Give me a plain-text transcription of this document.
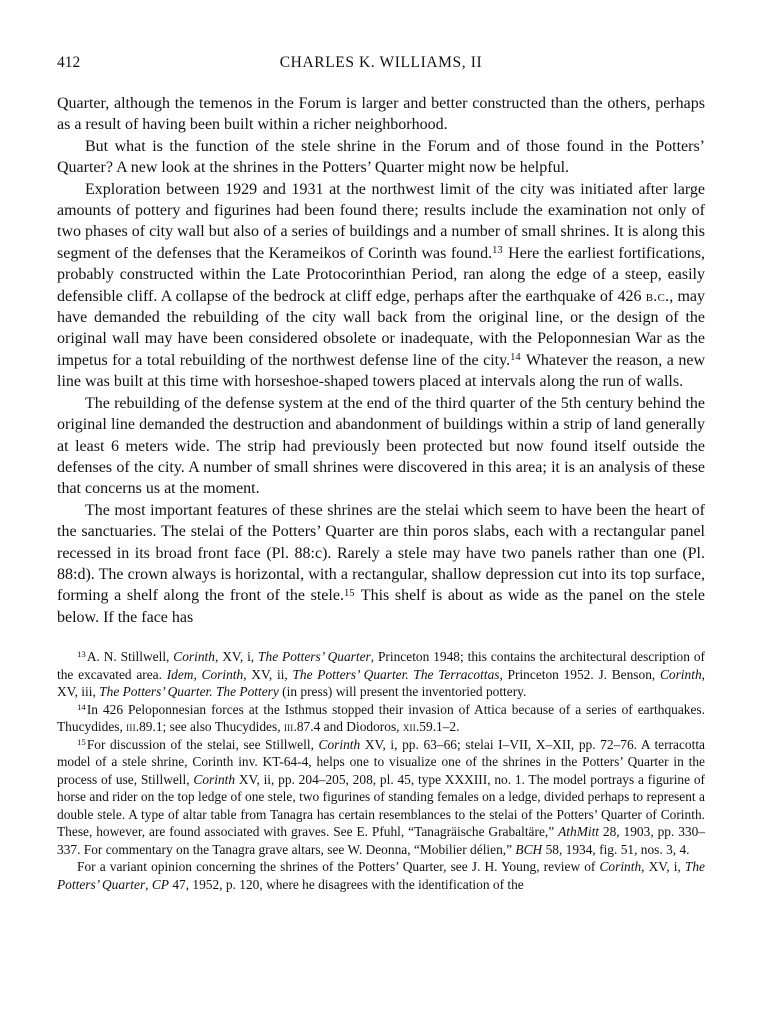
412	CHARLES K. WILLIAMS, II

Quarter, although the temenos in the Forum is larger and better constructed than the others, perhaps as a result of having been built within a richer neighborhood.

But what is the function of the stele shrine in the Forum and of those found in the Potters’ Quarter? A new look at the shrines in the Potters’ Quarter might now be helpful.

Exploration between 1929 and 1931 at the northwest limit of the city was initiated after large amounts of pottery and figurines had been found there; results include the examination not only of two phases of city wall but also of a series of buildings and a number of small shrines. It is along this segment of the defenses that the Kerameikos of Corinth was found.$^{13}$ Here the earliest fortifications, probably constructed within the Late Protocorinthian Period, ran along the edge of a steep, easily defensible cliff. A collapse of the bedrock at cliff edge, perhaps after the earthquake of 426 b.c., may have demanded the rebuilding of the city wall back from the original line, or the design of the original wall may have been considered obsolete or inadequate, with the Peloponnesian War as the impetus for a total rebuilding of the northwest defense line of the city.$^{14}$ Whatever the reason, a new line was built at this time with horseshoe-shaped towers placed at intervals along the run of walls.

The rebuilding of the defense system at the end of the third quarter of the 5th century behind the original line demanded the destruction and abandonment of buildings within a strip of land generally at least 6 meters wide. The strip had previously been protected but now found itself outside the defenses of the city. A number of small shrines were discovered in this area; it is an analysis of these that concerns us at the moment.

The most important features of these shrines are the stelai which seem to have been the heart of the sanctuaries. The stelai of the Potters’ Quarter are thin poros slabs, each with a rectangular panel recessed in its broad front face (Pl. 88:c). Rarely a stele may have two panels rather than one (Pl. 88:d). The crown always is horizontal, with a rectangular, shallow depression cut into its top surface, forming a shelf along the front of the stele.$^{15}$ This shelf is about as wide as the panel on the stele below. If the face has

$^{13}$A. N. Stillwell, Corinth, XV, i, The Potters’ Quarter, Princeton 1948; this contains the architectural description of the excavated area. Idem, Corinth, XV, ii, The Potters’ Quarter. The Terracottas, Princeton 1952. J. Benson, Corinth, XV, iii, The Potters’ Quarter. The Pottery (in press) will present the inventoried pottery.

$^{14}$In 426 Peloponnesian forces at the Isthmus stopped their invasion of Attica because of a series of earthquakes. Thucydides, iii.89.1; see also Thucydides, iii.87.4 and Diodoros, xii.59.1–2.

$^{15}$For discussion of the stelai, see Stillwell, Corinth XV, i, pp. 63–66; stelai I–VII, X–XII, pp. 72–76. A terracotta model of a stele shrine, Corinth inv. KT-64-4, helps one to visualize one of the shrines in the Potters’ Quarter in the process of use, Stillwell, Corinth XV, ii, pp. 204–205, 208, pl. 45, type XXXIII, no. 1. The model portrays a figurine of horse and rider on the top ledge of one stele, two figurines of standing females on a ledge, divided perhaps to represent a double stele. A type of altar table from Tanagra has certain resemblances to the stelai of the Potters’ Quarter of Corinth. These, however, are found associated with graves. See E. Pfuhl, “Tanagräische Grabaltäre,” AthMitt 28, 1903, pp. 330–337. For commentary on the Tanagra grave altars, see W. Deonna, “Mobilier délien,” BCH 58, 1934, fig. 51, nos. 3, 4.

For a variant opinion concerning the shrines of the Potters’ Quarter, see J. H. Young, review of Corinth, XV, i, The Potters’ Quarter, CP 47, 1952, p. 120, where he disagrees with the identification of the
